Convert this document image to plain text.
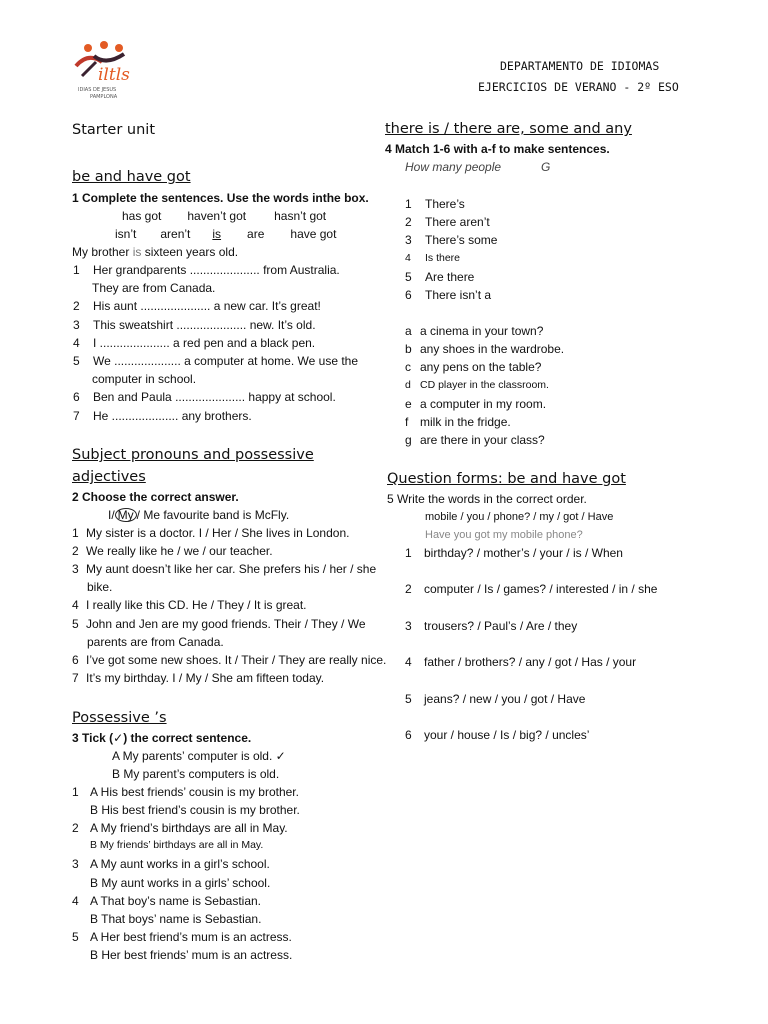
iltls
IDIAS DE JESUS
PAMPLONA
DEPARTAMENTO DE IDIOMAS
EJERCICIOS DE VERANO - 2º ESO
Starter unit
be and have got
1 Complete the sentences. Use the words inthe box.
has got haven’t got hasn’t got
isn’t aren’t is are have got
My brother is sixteen years old.
1 Her grandparents ..................... from Australia.
They are from Canada.
2 His aunt ..................... a new car. It’s great!
3 This sweatshirt ..................... new. It’s old.
4 I ..................... a red pen and a black pen.
5 We .................... a computer at home. We use the
computer in school.
6 Ben and Paula ..................... happy at school.
7 He .................... any brothers.
Subject pronouns and possessive
adjectives
2 Choose the correct answer.
I/ My / Me favourite band is McFly.
1 My sister is a doctor. I / Her / She lives in London.
2 We really like he / we / our teacher.
3 My aunt doesn’t like her car. She prefers his / her / she
bike.
4 I really like this CD. He / They / It is great.
5 John and Jen are my good friends. Their / They / We
parents are from Canada.
6 I’ve got some new shoes. It / Their / They are really nice.
7 It’s my birthday. I / My / She am fifteen today.
Possessive ’s
3 Tick (✓) the correct sentence.
A My parents’ computer is old. ✓
B My parent’s computers is old.
1 A His best friends’ cousin is my brother.
B His best friend’s cousin is my brother.
2 A My friend’s birthdays are all in May.
B My friends’ birthdays are all in May.
3 A My aunt works in a girl’s school.
B My aunt works in a girls’ school.
4 A That boy’s name is Sebastian.
B That boys’ name is Sebastian.
5 A Her best friend’s mum is an actress.
B Her best friends’ mum is an actress.
there is / there are, some and any
4 Match 1-6 with a-f to make sentences.
How many people	G
1 There’s
2 There aren’t
3 There’s some
4 Is there
5 Are there
6 There isn’t a
a a cinema in your town?
b any shoes in the wardrobe.
c any pens on the table?
d CD player in the classroom.
e a computer in my room.
f milk in the fridge.
g are there in your class?
Question forms: be and have got
5 Write the words in the correct order.
mobile / you / phone? / my / got / Have
Have you got my mobile phone?
1 birthday? / mother’s / your / is / When
2 computer / Is / games? / interested / in / she
3 trousers? / Paul’s / Are / they
4 father / brothers? / any / got / Has / your
5 jeans? / new / you / got / Have
6 your / house / Is / big? / uncles’
